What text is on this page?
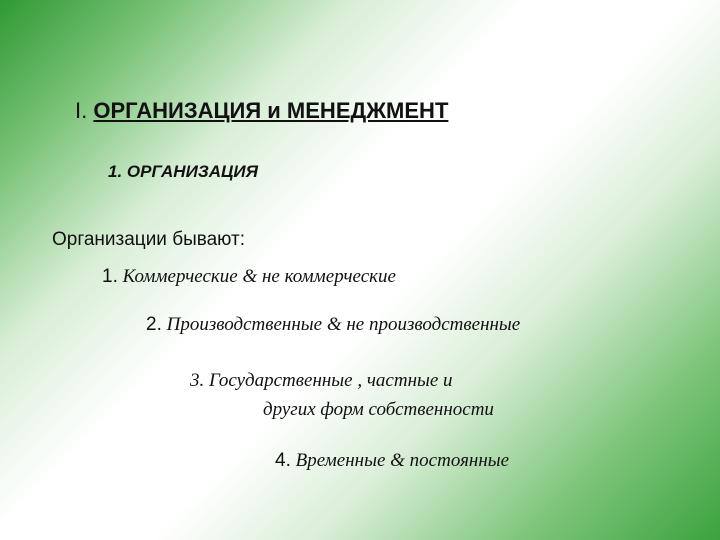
I. ОРГАНИЗАЦИЯ и МЕНЕДЖМЕНТ
1. ОРГАНИЗАЦИЯ
Организации бывают:
1. Коммерческие & не коммерческие
2. Производственные & не производственные
3. Государственные , частные и
других форм собственности
4. Временные & постоянные
